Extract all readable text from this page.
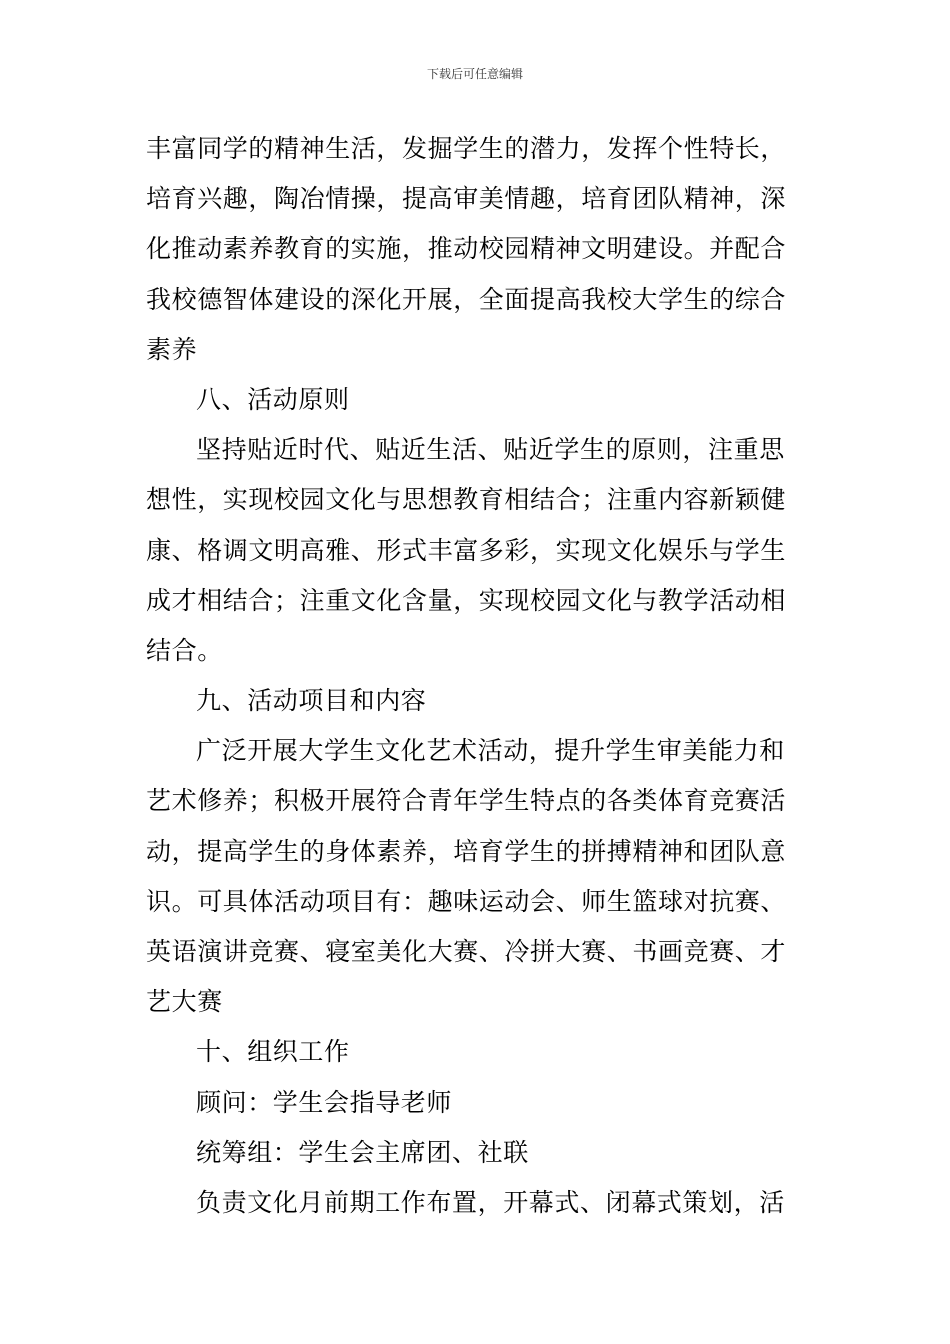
下载后可任意编辑
丰富同学的精神生活，发掘学生的潜力，发挥个性特长，
培育兴趣，陶冶情操，提高审美情趣，培育团队精神，深
化推动素养教育的实施，推动校园精神文明建设。并配合
我校德智体建设的深化开展，全面提高我校大学生的综合
素养
八、活动原则
坚持贴近时代、贴近生活、贴近学生的原则，注重思
想性，实现校园文化与思想教育相结合；注重内容新颖健
康、格调文明高雅、形式丰富多彩，实现文化娱乐与学生
成才相结合；注重文化含量，实现校园文化与教学活动相
结合。
九、活动项目和内容
广泛开展大学生文化艺术活动，提升学生审美能力和
艺术修养；积极开展符合青年学生特点的各类体育竞赛活
动，提高学生的身体素养，培育学生的拼搏精神和团队意
识。可具体活动项目有：趣味运动会、师生篮球对抗赛、
英语演讲竞赛、寝室美化大赛、冷拼大赛、书画竞赛、才
艺大赛
十、组织工作
顾问：学生会指导老师
统筹组：学生会主席团、社联
负责文化月前期工作布置，开幕式、闭幕式策划，活
